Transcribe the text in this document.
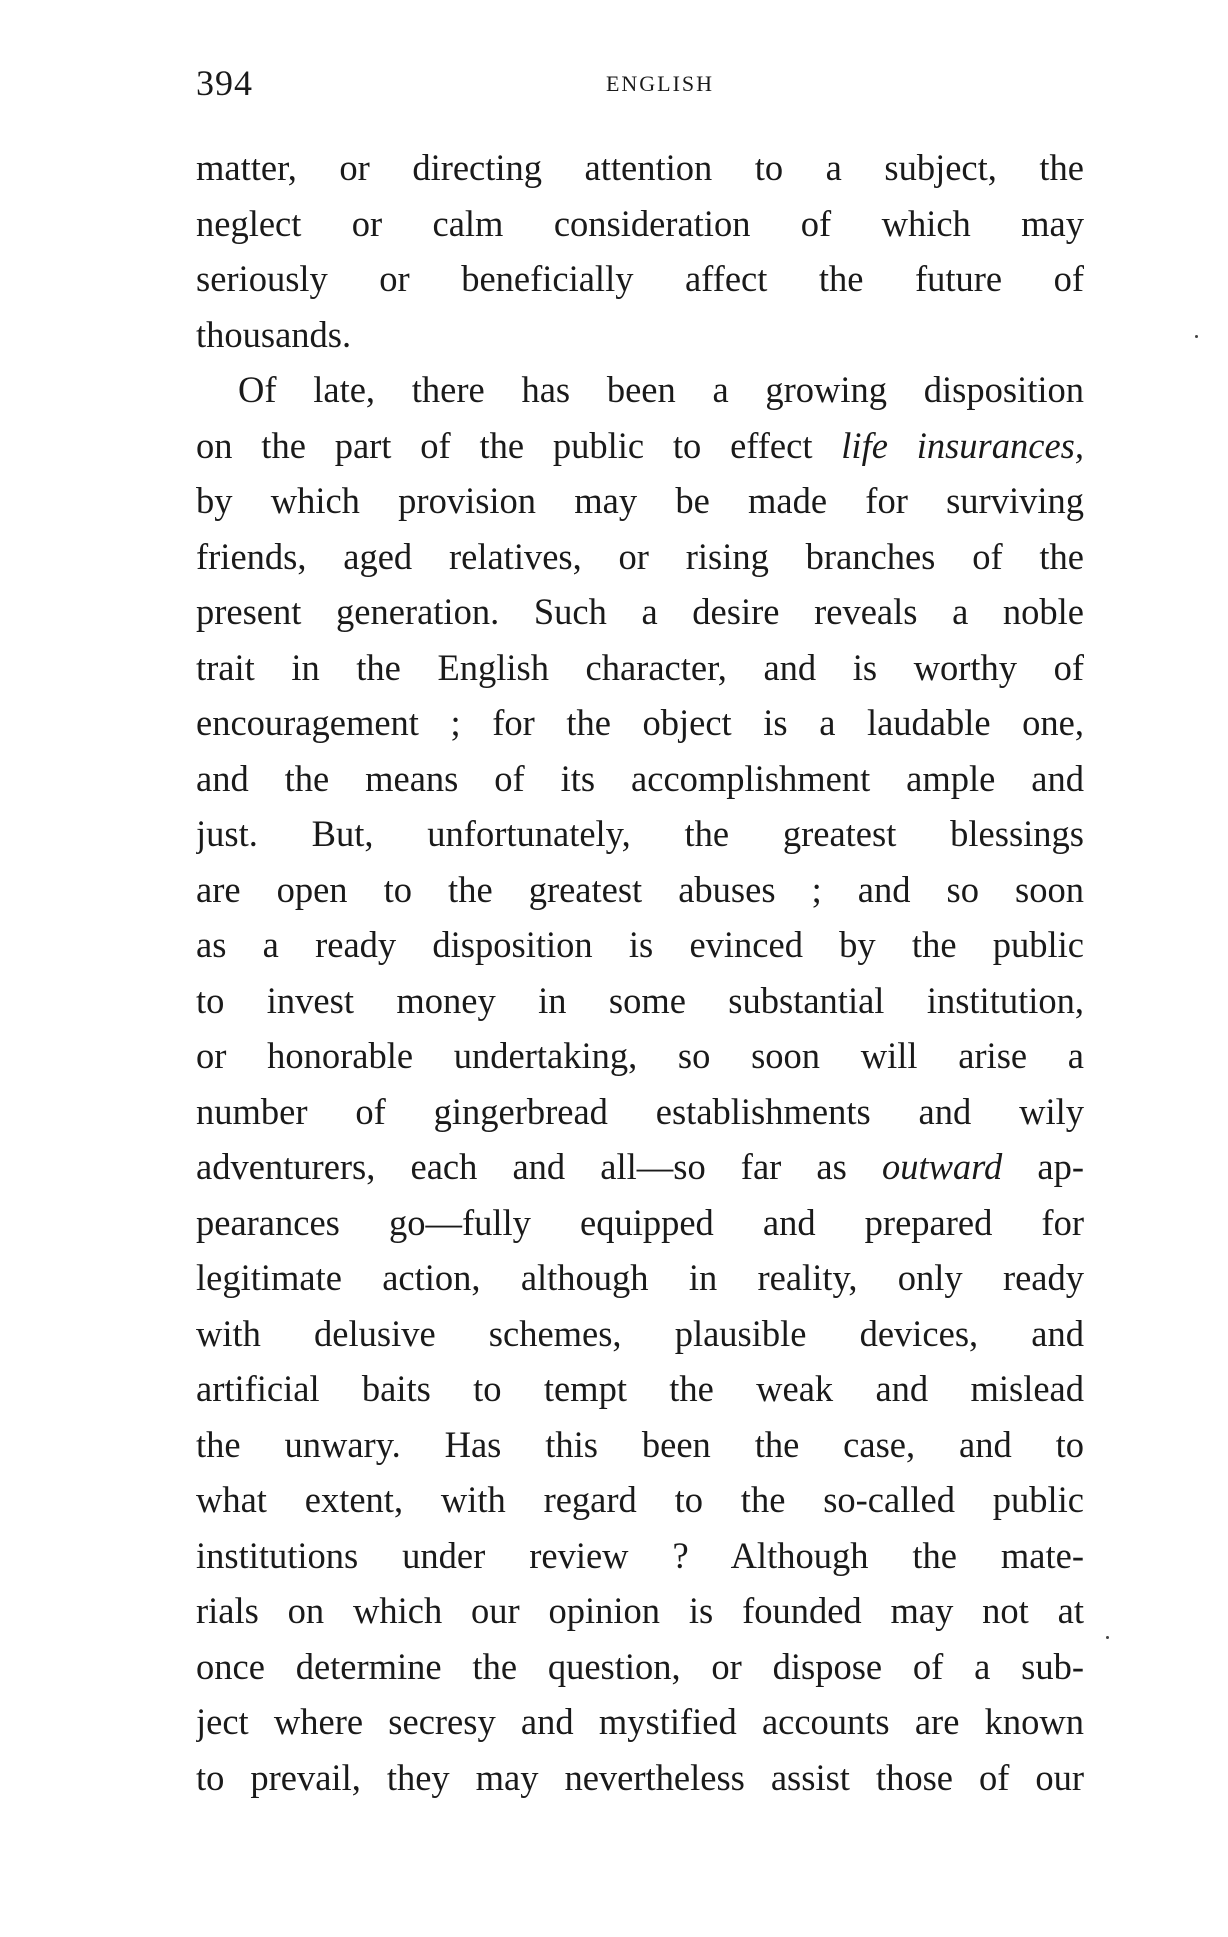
394	ENGLISH
matter, or directing attention to a subject, the
neglect or calm consideration of which may
seriously or beneficially affect the future of
thousands.
Of late, there has been a growing disposition
on the part of the public to effect life insurances,
by which provision may be made for surviving
friends, aged relatives, or rising branches of the
present generation. Such a desire reveals a noble
trait in the English character, and is worthy of
encouragement ; for the object is a laudable one,
and the means of its accomplishment ample and
just. But, unfortunately, the greatest blessings
are open to the greatest abuses ; and so soon
as a ready disposition is evinced by the public
to invest money in some substantial institution,
or honorable undertaking, so soon will arise a
number of gingerbread establishments and wily
adventurers, each and all—so far as outward ap-
pearances go—fully equipped and prepared for
legitimate action, although in reality, only ready
with delusive schemes, plausible devices, and
artificial baits to tempt the weak and mislead
the unwary. Has this been the case, and to
what extent, with regard to the so-called public
institutions under review ? Although the mate-
rials on which our opinion is founded may not at
once determine the question, or dispose of a sub-
ject where secresy and mystified accounts are known
to prevail, they may nevertheless assist those of our
